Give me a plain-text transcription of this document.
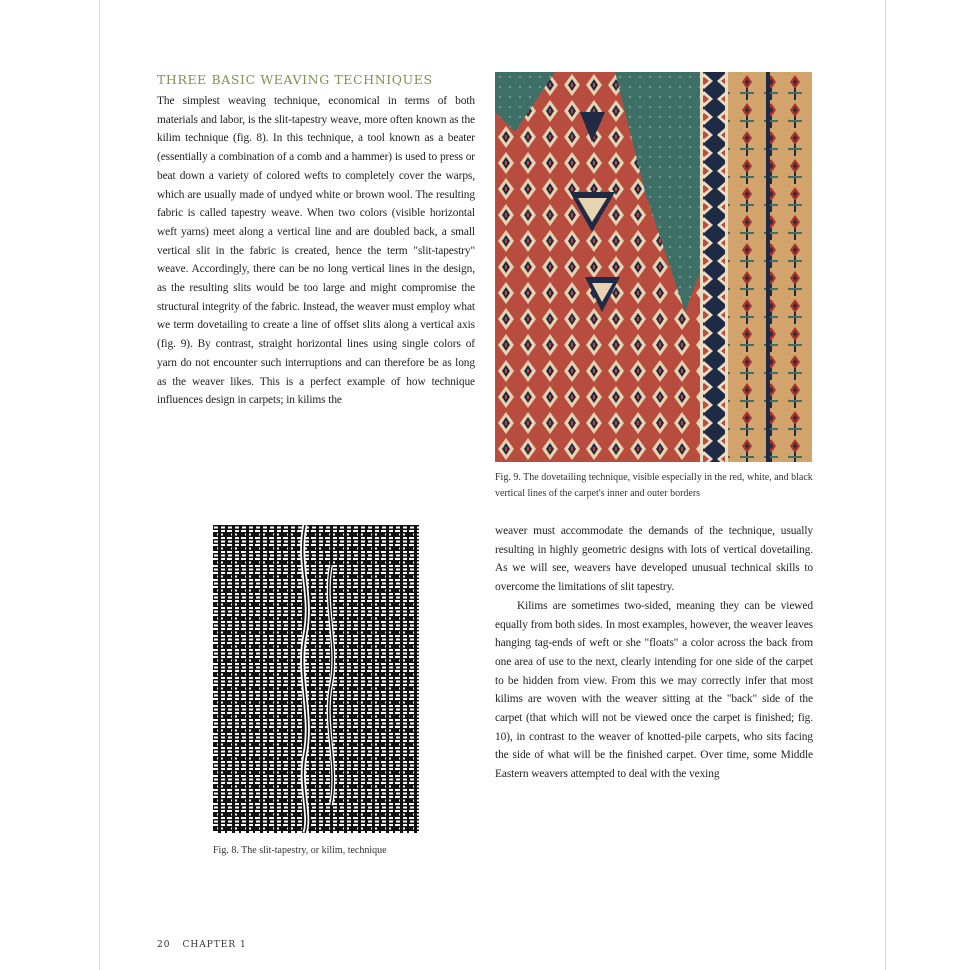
THREE BASIC WEAVING TECHNIQUES

The simplest weaving technique, economical in terms of both materials and labor, is the slit-tapestry weave, more often known as the kilim technique (fig. 8). In this technique, a tool known as a beater (essentially a combination of a comb and a hammer) is used to press or beat down a variety of colored wefts to completely cover the warps, which are usually made of undyed white or brown wool. The resulting fabric is called tapestry weave. When two colors (visible horizontal weft yarns) meet along a vertical line and are doubled back, a small vertical slit in the fabric is created, hence the term "slit-tapestry" weave. Accordingly, there can be no long vertical lines in the design, as the resulting slits would be too large and might compromise the structural integrity of the fabric. Instead, the weaver must employ what we term dovetailing to create a line of offset slits along a vertical axis (fig. 9). By contrast, straight horizontal lines using single colors of yarn do not encounter such interruptions and can therefore be as long as the weaver likes. This is a perfect example of how technique influences design in carpets; in kilims the

Fig. 9. The dovetailing technique, visible especially in the red, white, and black vertical lines of the carpet's inner and outer borders
Fig. 8. The slit-tapestry, or kilim, technique

weaver must accommodate the demands of the technique, usually resulting in highly geometric designs with lots of vertical dovetailing. As we will see, weavers have developed unusual technical skills to overcome the limitations of slit tapestry.

Kilims are sometimes two-sided, meaning they can be viewed equally from both sides. In most examples, however, the weaver leaves hanging tag-ends of weft or she "floats" a color across the back from one area of use to the next, clearly intending for one side of the carpet to be hidden from view. From this we may correctly infer that most kilims are woven with the weaver sitting at the "back" side of the carpet (that which will not be viewed once the carpet is finished; fig. 10), in contrast to the weaver of knotted-pile carpets, who sits facing the side of what will be the finished carpet. Over time, some Middle Eastern weavers attempted to deal with the vexing

20 CHAPTER 1
